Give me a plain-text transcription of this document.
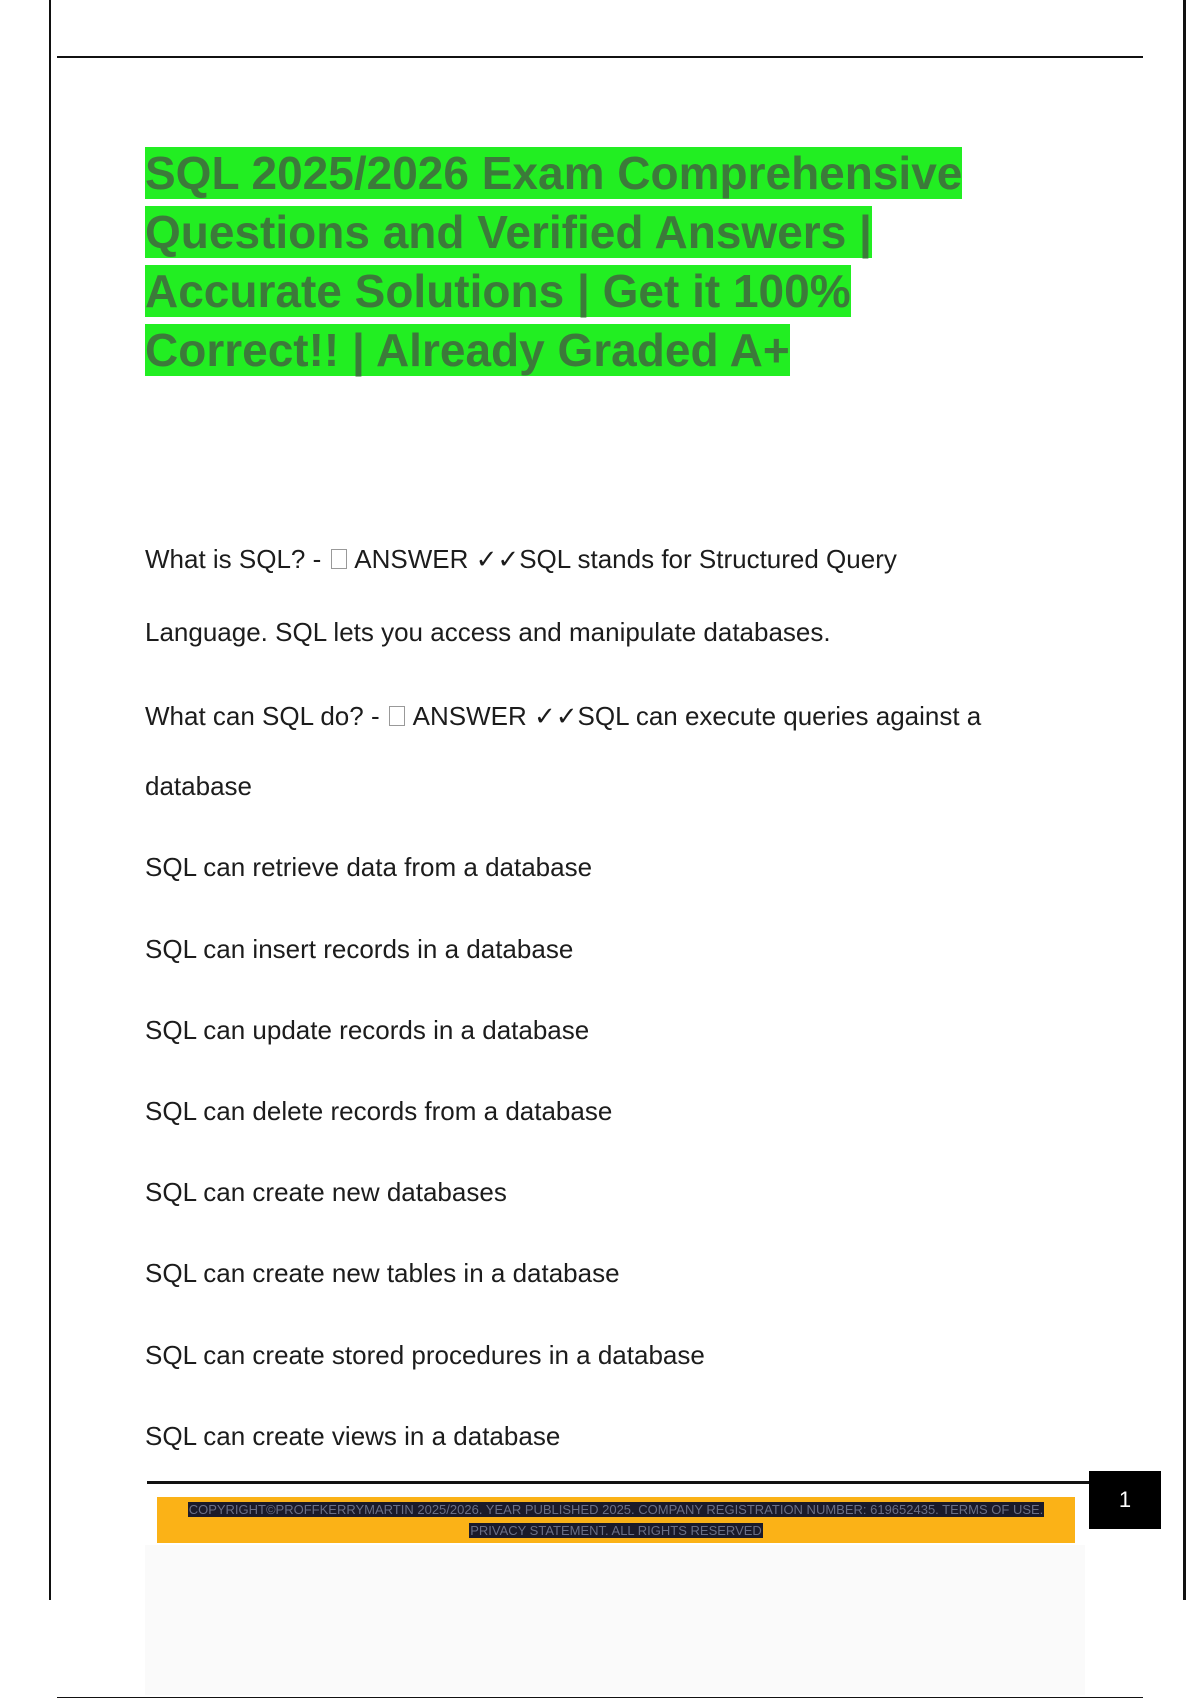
SQL 2025/2026 Exam Comprehensive
Questions and Verified Answers |
Accurate Solutions | Get it 100%
Correct!! | Already Graded A+

What is SQL? -  ANSWER ✓✓SQL stands for Structured Query

Language. SQL lets you access and manipulate databases.

What can SQL do? -  ANSWER ✓✓SQL can execute queries against a

database

SQL can retrieve data from a database

SQL can insert records in a database

SQL can update records in a database

SQL can delete records from a database

SQL can create new databases

SQL can create new tables in a database

SQL can create stored procedures in a database

SQL can create views in a database

COPYRIGHT©PROFFKERRYMARTIN 2025/2026. YEAR PUBLISHED 2025. COMPANY REGISTRATION NUMBER: 619652435. TERMS OF USE.
PRIVACY STATEMENT. ALL RIGHTS RESERVED
1
